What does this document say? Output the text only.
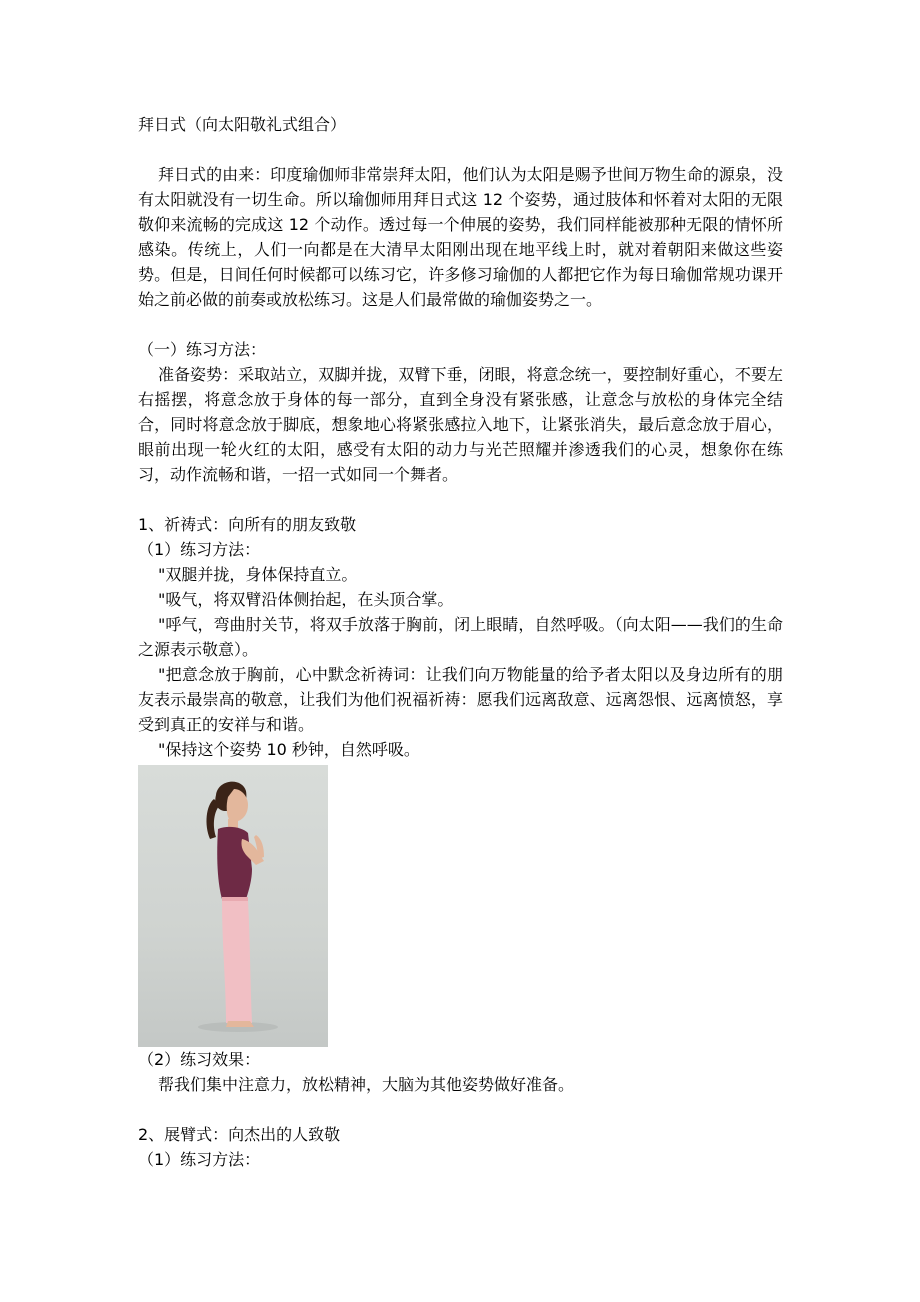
拜日式（向太阳敬礼式组合）

拜日式的由来：印度瑜伽师非常崇拜太阳，他们认为太阳是赐予世间万物生命的源泉，没有太阳就没有一切生命。所以瑜伽师用拜日式这 12 个姿势，通过肢体和怀着对太阳的无限敬仰来流畅的完成这 12 个动作。透过每一个伸展的姿势，我们同样能被那种无限的情怀所感染。传统上，人们一向都是在大清早太阳刚出现在地平线上时，就对着朝阳来做这些姿势。但是，日间任何时候都可以练习它，许多修习瑜伽的人都把它作为每日瑜伽常规功课开始之前必做的前奏或放松练习。这是人们最常做的瑜伽姿势之一。

（一）练习方法：

准备姿势：采取站立，双脚并拢，双臂下垂，闭眼，将意念统一，要控制好重心，不要左右摇摆，将意念放于身体的每一部分，直到全身没有紧张感，让意念与放松的身体完全结合，同时将意念放于脚底，想象地心将紧张感拉入地下，让紧张消失，最后意念放于眉心，眼前出现一轮火红的太阳，感受有太阳的动力与光芒照耀并渗透我们的心灵，想象你在练习，动作流畅和谐，一招一式如同一个舞者。

1、祈祷式：向所有的朋友致敬

（1）练习方法：

"双腿并拢，身体保持直立。

"吸气，将双臂沿体侧抬起，在头顶合掌。

"呼气，弯曲肘关节，将双手放落于胸前，闭上眼睛，自然呼吸。（向太阳——我们的生命之源表示敬意）。

"把意念放于胸前，心中默念祈祷词：让我们向万物能量的给予者太阳以及身边所有的朋友表示最崇高的敬意，让我们为他们祝福祈祷：愿我们远离敌意、远离怨恨、远离愤怒，享受到真正的安祥与和谐。

"保持这个姿势 10 秒钟，自然呼吸。

（2）练习效果：

帮我们集中注意力，放松精神，大脑为其他姿势做好准备。

2、展臂式：向杰出的人致敬

（1）练习方法：
